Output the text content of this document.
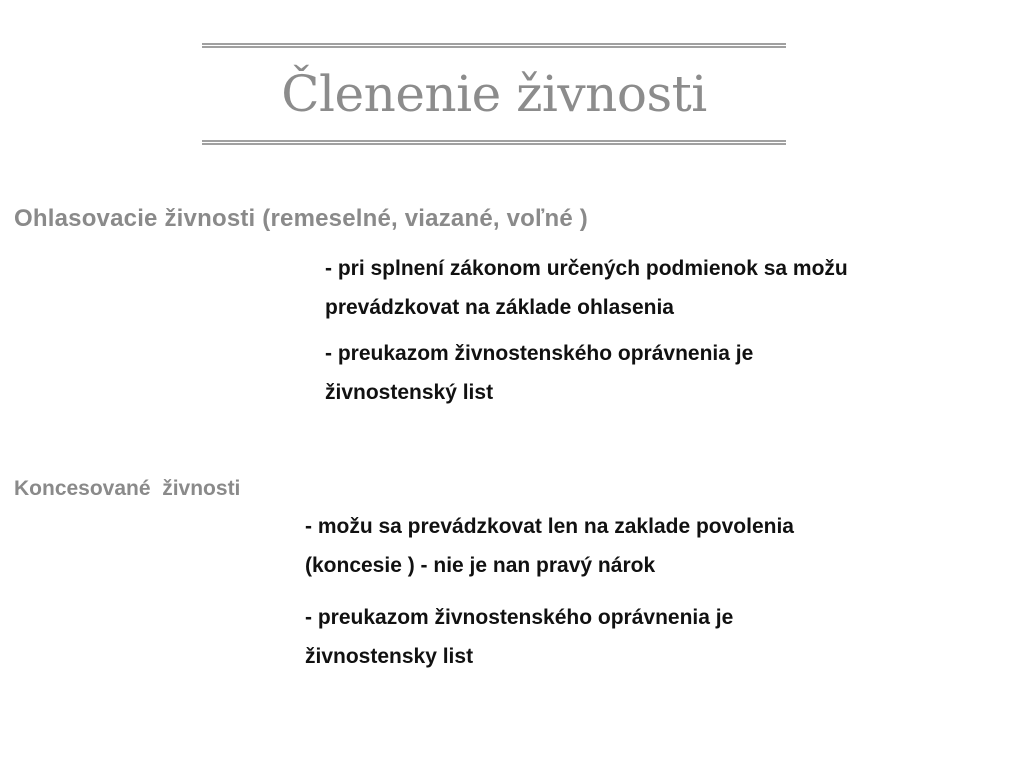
Členenie živnosti
Ohlasovacie živnosti (remeselné, viazané, voľné )

- pri splnení zákonom určených podmienok sa možu
prevádzkovat na základe ohlasenia

- preukazom živnostenského oprávnenia je
živnostenský list

Koncesované  živnosti

- možu sa prevádzkovat len na zaklade povolenia
(koncesie ) - nie je nan pravý nárok

- preukazom živnostenského oprávnenia je
živnostensky list
